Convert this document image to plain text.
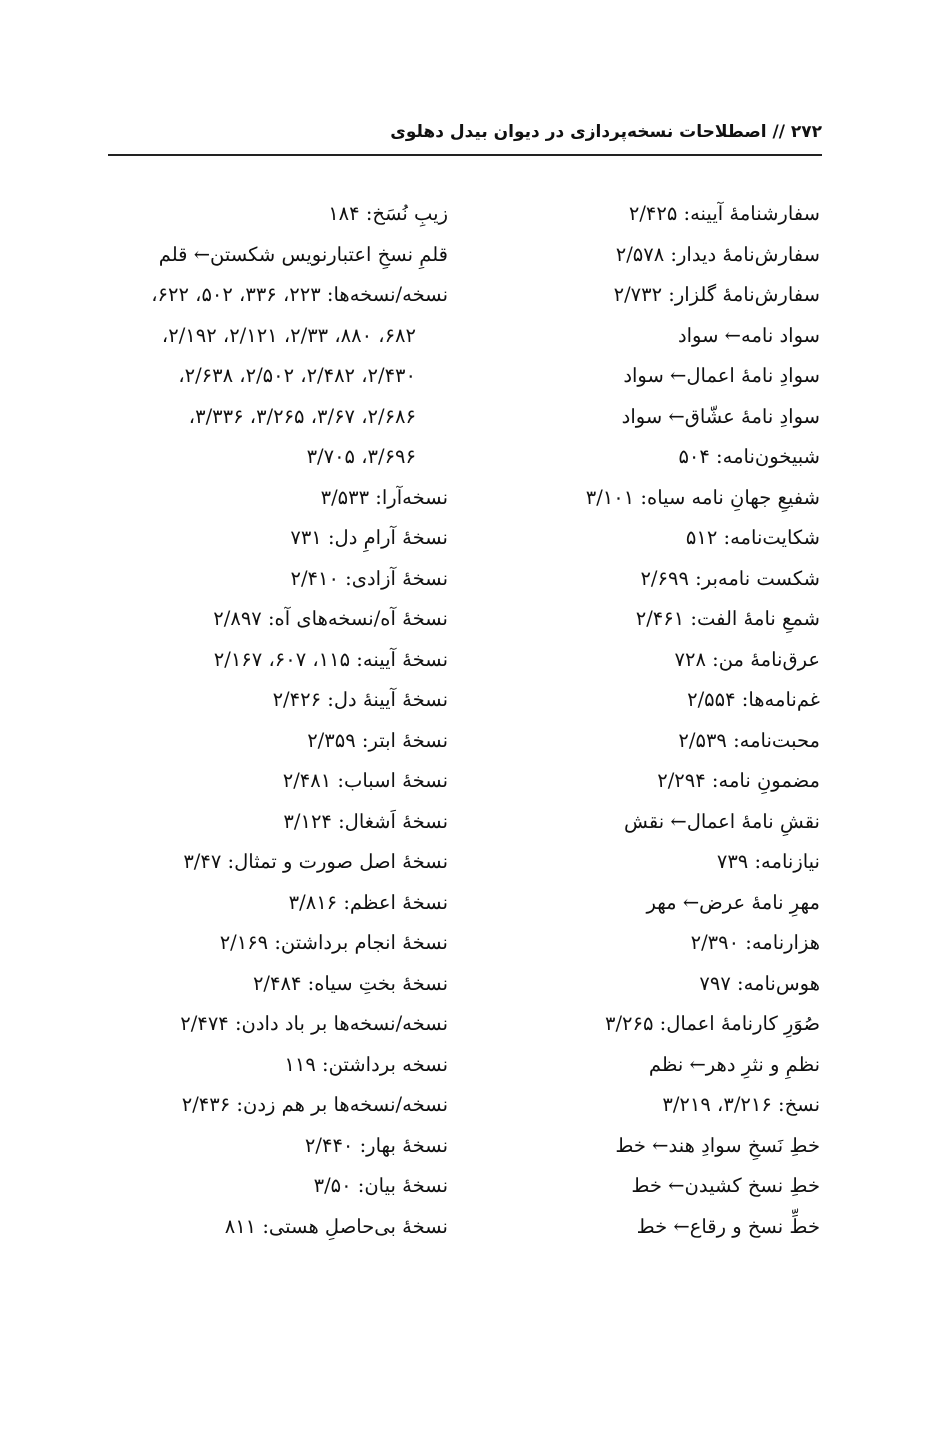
۲۷۲ // اصطلاحات نسخه‌پردازی در دیوان بیدل دهلوی
سفارشنامهٔ آیینه: ۲/۴۲۵
سفارش‌نامهٔ دیدار: ۲/۵۷۸
سفارش‌نامهٔ گلزار: ۲/۷۳۲
سواد نامه← سواد
سوادِ نامهٔ اعمال← سواد
سوادِ نامهٔ عشّاق← سواد
شبیخون‌نامه: ۵۰۴
شفیعِ جهانِ نامه سیاه: ۳/۱۰۱
شکایت‌نامه: ۵۱۲
شکست نامه‌بر: ۲/۶۹۹
شمعِ نامهٔ الفت: ۲/۴۶۱
عرق‌نامهٔ من: ۷۲۸
غم‌نامه‌ها: ۲/۵۵۴
محبت‌نامه: ۲/۵۳۹
مضمونِ نامه: ۲/۲۹۴
نقشِ نامهٔ اعمال← نقش
نیازنامه: ۷۳۹
مهرِ نامهٔ عرض← مهر
هزارنامه: ۲/۳۹۰
هوس‌نامه: ۷۹۷
صُوَرِ کارنامهٔ اعمال: ۳/۲۶۵
نظمِ و نثرِ دهر← نظم
نسخ: ۳/۲۱۶، ۳/۲۱۹
خطِ نَسخِ سوادِ هند← خط
خطِ نسخ کشیدن← خط
خطِّ نسخ و رقاع← خط
زیبِ نُسَخ: ۱۸۴
قلمِ نسخِ اعتبارنویس شکستن← قلم
نسخه/نسخه‌ها: ۲۲۳، ۳۳۶، ۵۰۲، ۶۲۲،
۶۸۲، ۸۸۰، ۲/۳۳، ۲/۱۲۱، ۲/۱۹۲،
۲/۴۳۰، ۲/۴۸۲، ۲/۵۰۲، ۲/۶۳۸،
۲/۶۸۶، ۳/۶۷، ۳/۲۶۵، ۳/۳۳۶،
۳/۶۹۶، ۳/۷۰۵
نسخه‌آرا: ۳/۵۳۳
نسخهٔ آرامِ دل: ۷۳۱
نسخهٔ آزادی: ۲/۴۱۰
نسخهٔ آه/نسخه‌های آه: ۲/۸۹۷
نسخهٔ آیینه: ۱۱۵، ۶۰۷، ۲/۱۶۷
نسخهٔ آیینهٔ دل: ۲/۴۲۶
نسخهٔ ابتر: ۲/۳۵۹
نسخهٔ اسباب: ۲/۴۸۱
نسخهٔ اَشغال: ۳/۱۲۴
نسخهٔ اصل صورت و تمثال: ۳/۴۷
نسخهٔ اعظم: ۳/۸۱۶
نسخهٔ انجام برداشتن: ۲/۱۶۹
نسخهٔ بختِ سیاه: ۲/۴۸۴
نسخه/نسخه‌ها بر باد دادن: ۲/۴۷۴
نسخه برداشتن: ۱۱۹
نسخه/نسخه‌ها بر هم زدن: ۲/۴۳۶
نسخهٔ بهار: ۲/۴۴۰
نسخهٔ بیان: ۳/۵۰
نسخهٔ بی‌حاصلِ هستی: ۸۱۱
